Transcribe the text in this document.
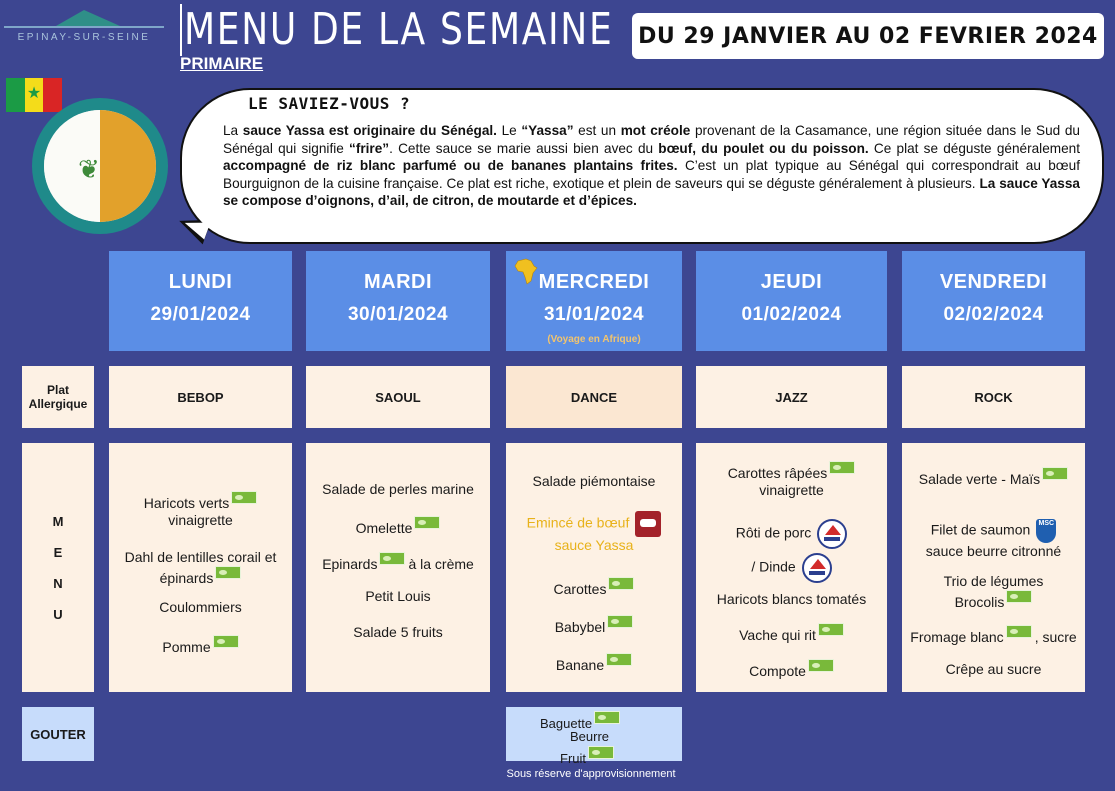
EPINAY-SUR-SEINE MENU DE LA SEMAINE
PRIMAIRE
DU 29 JANVIER AU 02 FEVRIER 2024
★
❦
LE SAVIEZ-VOUS ?
La sauce Yassa est originaire du Sénégal. Le “Yassa” est un mot créole provenant de la Casamance, une région située dans le Sud du Sénégal qui signifie “frire”. Cette sauce se marie aussi bien avec du bœuf, du poulet ou du poisson. Ce plat se déguste généralement accompagné de riz blanc parfumé ou de bananes plantains frites. C’est un plat typique au Sénégal qui correspondrait au bœuf Bourguignon de la cuisine française. Ce plat est riche, exotique et plein de saveurs qui se déguste généralement à plusieurs. La sauce Yassa se compose d’oignons, d’ail, de citron, de moutarde et d’épices.
Plat
Allergique
M
E
N
U
GOUTER
LUNDI
29/01/2024
BEBOP
Haricots verts
vinaigrette
Dahl de lentilles corail et
épinards
Coulommiers
Pomme
MARDI
30/01/2024
SAOUL
Salade de perles marine
Omelette
Epinards à la crème
Petit Louis
Salade 5 fruits
MERCREDI
31/01/2024
(Voyage en Afrique)
DANCE
Salade piémontaise
Emincé de bœuf
sauce Yassa
Carottes
Babybel
Banane
JEUDI
01/02/2024
JAZZ
Carottes râpées
vinaigrette
Rôti de porc
/ Dinde
Haricots blancs tomatés
Vache qui rit
Compote
VENDREDI
02/02/2024
ROCK
Salade verte - Maïs
Filet de saumon MSC
sauce beurre citronné
Trio de légumes
Brocolis
Fromage blanc , sucre
Crêpe au sucre
Baguette
Beurre
Fruit
Sous réserve d'approvisionnement
